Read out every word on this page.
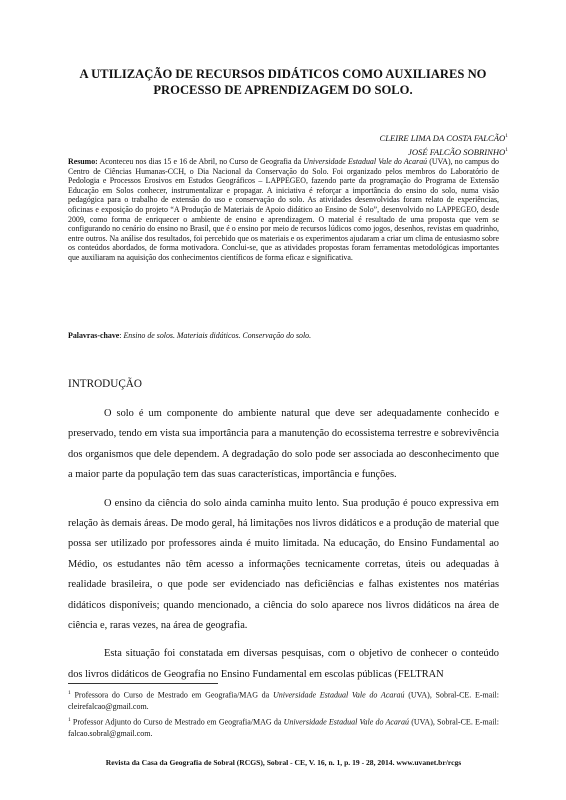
A UTILIZAÇÃO DE RECURSOS DIDÁTICOS COMO AUXILIARES NO PROCESSO DE APRENDIZAGEM DO SOLO.
CLEIRE LIMA DA COSTA FALCÃO$^1$
JOSÉ FALCÃO SOBRINHO$^1$
Resumo: Aconteceu nos dias 15 e 16 de Abril, no Curso de Geografia da Universidade Estadual Vale do Acaraú (UVA), no campus do Centro de Ciências Humanas-CCH, o Dia Nacional da Conservação do Solo. Foi organizado pelos membros do Laboratório de Pedologia e Processos Erosivos em Estudos Geográficos – LAPPEGEO, fazendo parte da programação do Programa de Extensão Educação em Solos conhecer, instrumentalizar e propagar. A iniciativa é reforçar a importância do ensino do solo, numa visão pedagógica para o trabalho de extensão do uso e conservação do solo. As atividades desenvolvidas foram relato de experiências, oficinas e exposição do projeto “A Produção de Materiais de Apoio didático ao Ensino de Solo”, desenvolvido no LAPPEGEO, desde 2009, como forma de enriquecer o ambiente de ensino e aprendizagem. O material é resultado de uma proposta que vem se configurando no cenário do ensino no Brasil, que é o ensino por meio de recursos lúdicos como jogos, desenhos, revistas em quadrinho, entre outros. Na análise dos resultados, foi percebido que os materiais e os experimentos ajudaram a criar um clima de entusiasmo sobre os conteúdos abordados, de forma motivadora. Conclui-se, que as atividades propostas foram ferramentas metodológicas importantes que auxiliaram na aquisição dos conhecimentos científicos de forma eficaz e significativa.
Palavras-chave: Ensino de solos. Materiais didáticos. Conservação do solo.
INTRODUÇÃO

O solo é um componente do ambiente natural que deve ser adequadamente conhecido e preservado, tendo em vista sua importância para a manutenção do ecossistema terrestre e sobrevivência dos organismos que dele dependem. A degradação do solo pode ser associada ao desconhecimento que a maior parte da população tem das suas características, importância e funções.

O ensino da ciência do solo ainda caminha muito lento. Sua produção é pouco expressiva em relação às demais áreas. De modo geral, há limitações nos livros didáticos e a produção de material que possa ser utilizado por professores ainda é muito limitada. Na educação, do Ensino Fundamental ao Médio, os estudantes não têm acesso a informações tecnicamente corretas, úteis ou adequadas à realidade brasileira, o que pode ser evidenciado nas deficiências e falhas existentes nos matérias didáticos disponíveis; quando mencionado, a ciência do solo aparece nos livros didáticos na área de ciência e, raras vezes, na área de geografia.

Esta situação foi constatada em diversas pesquisas, com o objetivo de conhecer o conteúdo dos livros didáticos de Geografia no Ensino Fundamental em escolas públicas (FELTRAN

$^1$ Professora do Curso de Mestrado em Geografia/MAG da Universidade Estadual Vale do Acaraú (UVA), Sobral-CE. E-mail: cleirefalcao@gmail.com.

$^1$ Professor Adjunto do Curso de Mestrado em Geografia/MAG da Universidade Estadual Vale do Acaraú (UVA), Sobral-CE. E-mail: falcao.sobral@gmail.com.

Revista da Casa da Geografia de Sobral (RCGS), Sobral - CE, V. 16, n. 1, p. 19 - 28, 2014. www.uvanet.br/rcgs
